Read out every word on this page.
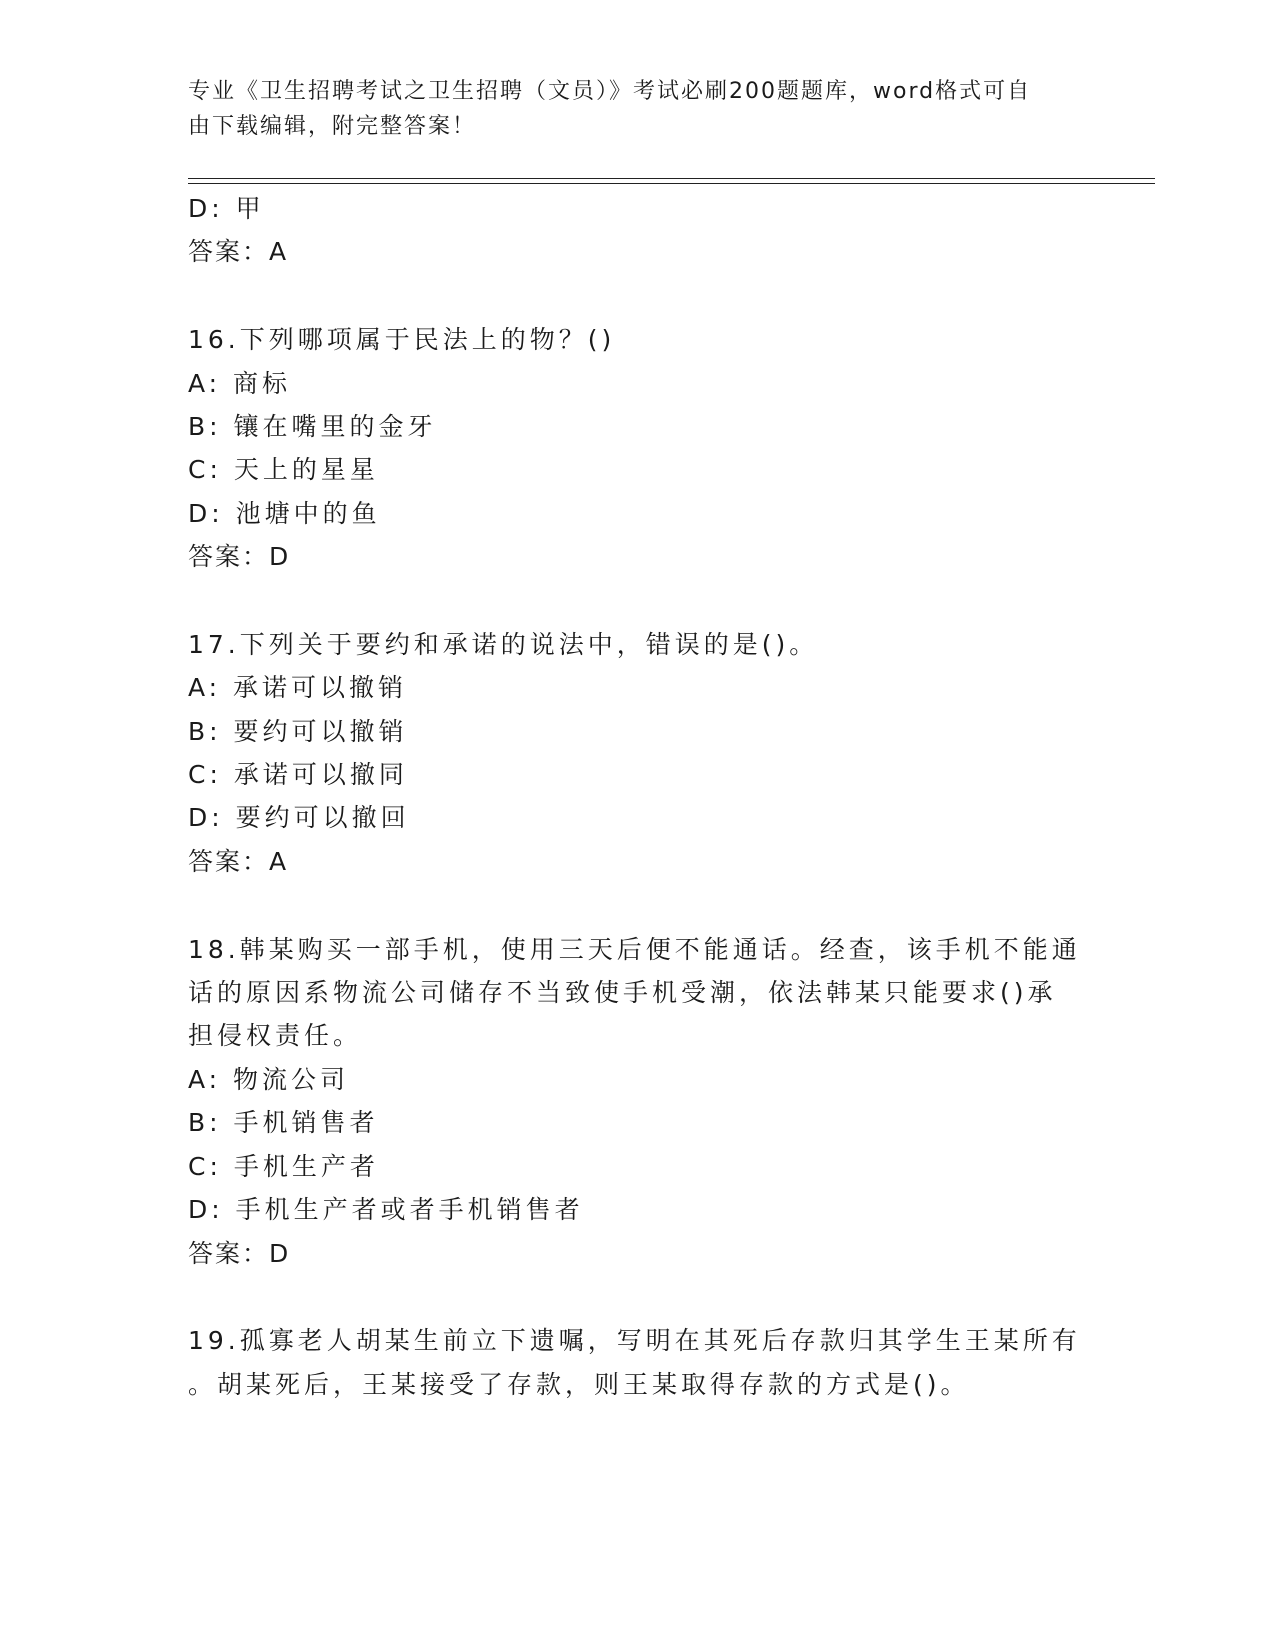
专业《卫生招聘考试之卫生招聘（文员）》考试必刷200题题库，word格式可自
由下载编辑，附完整答案！
D: 甲
答案：A
16.下列哪项属于民法上的物？()
A: 商标
B: 镶在嘴里的金牙
C: 天上的星星
D: 池塘中的鱼
答案：D
17.下列关于要约和承诺的说法中，错误的是()。
A: 承诺可以撤销
B: 要约可以撤销
C: 承诺可以撤同
D: 要约可以撤回
答案：A
18.韩某购买一部手机，使用三天后便不能通话。经查，该手机不能通
话的原因系物流公司储存不当致使手机受潮，依法韩某只能要求()承
担侵权责任。
A: 物流公司
B: 手机销售者
C: 手机生产者
D: 手机生产者或者手机销售者
答案：D
19.孤寡老人胡某生前立下遗嘱，写明在其死后存款归其学生王某所有
。胡某死后，王某接受了存款，则王某取得存款的方式是()。
